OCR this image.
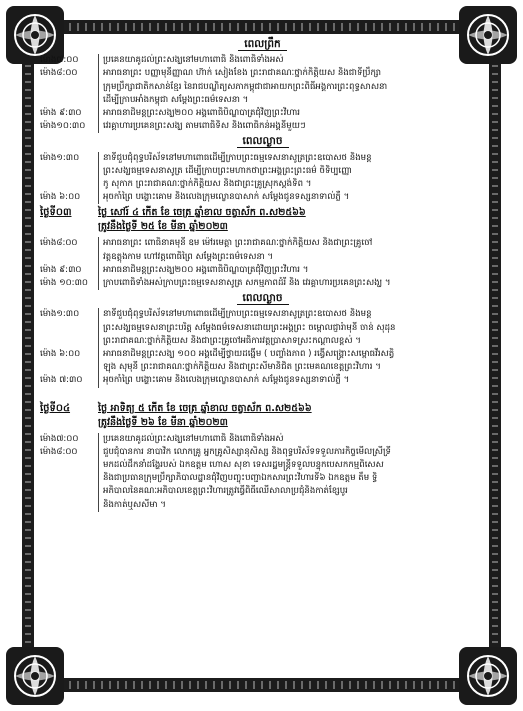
ពេលព្រឹក
ម៉ោង៧:០០	ប្រគេនយាគូដល់ព្រះសង្ឃនៅមហាពោធិ និងពោធិទាំងអស់
ម៉ោង៨:០០	អារាធនាព្រះ បញ្ញាមុនីញ្ញាណ ហ៊ាក់ សៀងខែង ព្រះរាជាគណៈថ្នាក់កិត្តិយស និងជាទីប្រឹក្សា
ក្រុមប្រឹក្សាជាតិកសាន់ខ្មែរ នៃរាជបណ្ឌិត្យសភាកម្ពុជាជាអាយកព្រះពិធីអង្គការព្រះពុទ្ធសាសនា
ដើម្បីក្រាបអាំងកម្ពុជា សម្តែងព្រះធម៌ទេសនា ។
ម៉ោង ៩:៣០	អារាធនាដិមន្តព្រះសង្ឃ២០០ អង្គពោធិបិណ្ឌបាត្រជុំវិញព្រះវិហារ
ម៉ោង១០:៣០	វេរគ្គាហារប្រគេនព្រះសង្ឃ តាមពោធិទិស និងពោធិកន់អង្គនីមួយៗ
ពេលល្ងាច
ម៉ោង១:៣០	នាទីជួបជុំពុទ្ធបរិស័ទនៅមហាពោធដើម្បីក្រាបព្រះធម្មទេសនាសូត្រព្រះឧបោសថ និងមន្ត
ព្រះសង្ឃធម្មទេសនាសូត្រ ដើម្បីក្រាបព្រះមហាកថាព្រះអង្គព្រះព្រះធម៌ ចិទិប្បញ្ញោ
កូ សុកាក ព្រះរាជាគណៈថ្នាក់កិត្តិយស និងជាព្រះគ្រូស្រុកស្តង់ទិព ។
ម៉ោង ៦:០០	អុចកាំព្រៃ បង្ហោះគោម និងលេងក្រុមល្ខោនបាសាក់ សម្តែងជូនទស្សនាទាល់ភ្លឺ ។
ថ្ងៃទី០៣	ថ្ងៃ សៅរ៍ ៤ កើត ខែ ចេត្រ ឆ្នាំខាល ចត្វាស័ក ព.ស២៥៦៦
ត្រូវនឹងថ្ងៃទី ២៥ ខែ មីនា ឆ្នាំ២០២៣
ម៉ោង៨:០០	អារាធនាព្រះ ពោធិនាគមុនី ឧម ម៉ៅរមេត្តា ព្រះរាជាគណៈថ្នាក់កិត្តិយស និងជាព្រះគ្រូចៅ
វត្តឧត្តុងកាម ហៅវត្តពោធិព្រៃ សម្តែងព្រះធម៌ទេសនា ។
ម៉ោង ៩:៣០	អារាធនាដិមន្តព្រះសង្ឃ២០០ អង្គពោធិបិណ្ឌបាត្រជុំវិញព្រះវិហារ ។
ម៉ោង ១០:៣០	ក្រាបពោធិទាំងអស់ក្រាបព្រះធម្មទេសនាសូត្រ សកម្មភាពដំរី និង វេរគ្គាហារប្រគេនព្រះសង្ឃ ។
ពេលល្ងាច
ម៉ោង១:៣០	នាទីជួបជុំពុទ្ធបរិស័ទនៅមហាពោធដើម្បីក្រាបព្រះធម្មទេសនាសូត្រព្រះឧបោសថ និងមន្ត
ព្រះសង្ឃធម្មទេសនាព្រះបរិត្ត សម្តែងធម៌ទេសនាដោយព្រះអង្គព្រះ ចម្ពោលជ្ញារ៉ាមុនី ចាន់ សុដុន
ព្រះរាជាគណៈថ្នាក់កិត្តិយស និងជាព្រះគ្រូចៅអធិការវត្តប្រាសាទស្រះកណ្តាលខ្ពស់ ។
ម៉ោង ៦:០០	អារាធនាដិមន្តព្រះសង្ឃ ១០០ អង្គដើម្បីថ្វាយដង្ហើម ( បញ្ចាំងភាព ) រង្វើសង្គ្រោះសម្ពោធវីរសត្វិ
ឡុង សុមុនី ព្រះរាជាគណៈថ្នាក់កិត្តិយស និងជាព្រះសីមានិជិត ព្រះមេគណខេត្តព្រះវិហារ ។
ម៉ោង ៧:៣០	អុចកាំព្រៃ បង្ហោះគោម និងលេងក្រុមល្ខោនបាសាក់ សម្តែងជូនទស្សនាទាល់ភ្លឺ ។
ថ្ងៃទី០៤	ថ្ងៃ អាទិត្យ ៥ កើត ខែ ចេត្រ ឆ្នាំខាល ចត្វាស័ក ព.ស២៥៦៦
ត្រូវនឹងថ្ងៃទី ២៦ ខែ មីនា ឆ្នាំ២០២៣
ម៉ោង៧:០០	ប្រគេនយាគូដល់ព្រះសង្ឃនៅមហាពោធិ និងពោធិទាំងអស់
ម៉ោង៨:០០	ជួបជុំបានការ នាបាវិក លោកគ្រូ អ្នកគ្រូសិស្សានុសិស្ស និងពុទ្ធបរិស័ទទទួលភារកិច្ចមើលស្រីទ្រី
មកដល់ដឹកនាំដង្ហែរបស់ ឯកឧត្តម ហោស សុខា ទេសរដ្ឋមន្ត្រីទទួលបន្ទុកបេសកកម្មពិសេស
និងជាប្រធានក្រុមប្រឹក្សាភិបាលដ្ឋានជុំវិញបញ្ចុះបញ្ជាឯកសារព្រះវិហារទី៦ ឯកឧត្តម តឹម ទ្វិ
អភិបាលនៃគណៈអភិបាលខេត្តព្រះវិហារត្រូវធ្វើពិធីឈើសាលាប្រជុំនិងកាត់ខ្សែបូរ
និងកាត់ឬសសីមា ។
